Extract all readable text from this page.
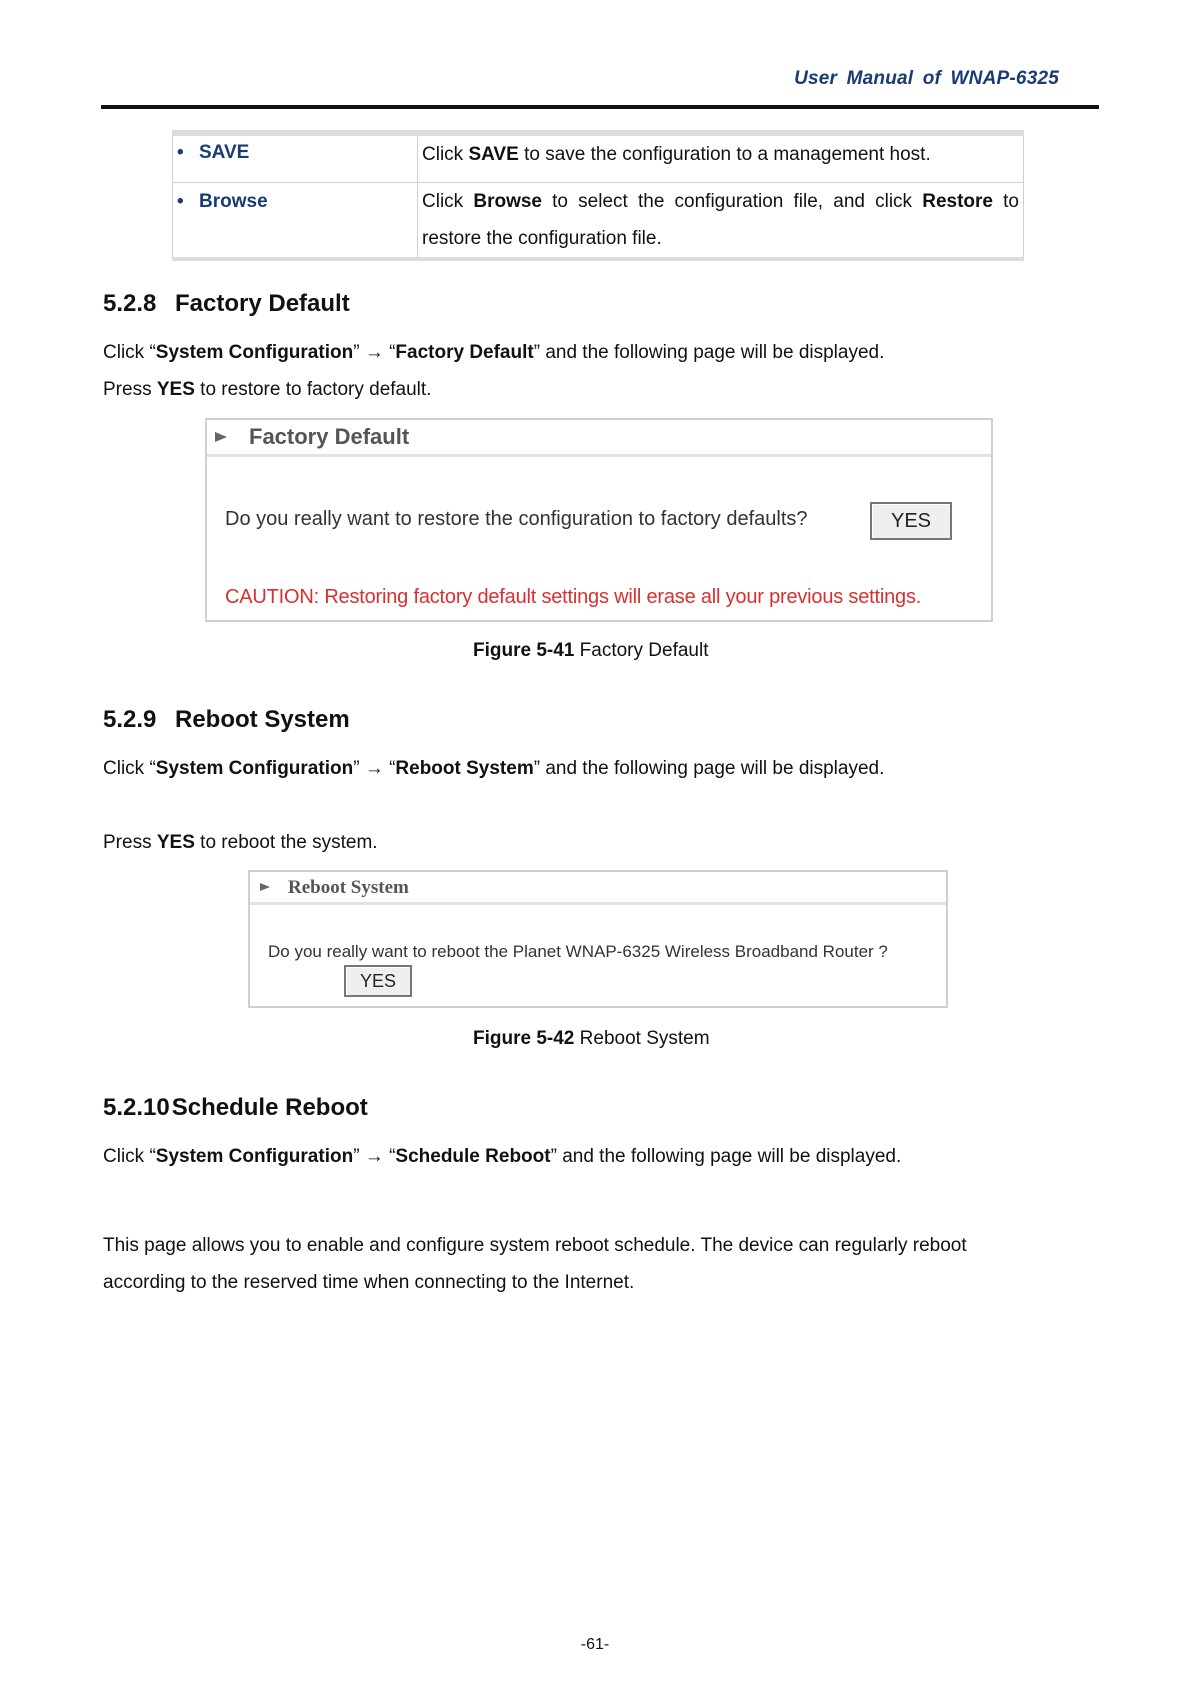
User Manual of WNAP-6325
• SAVE	Click SAVE to save the configuration to a management host.
• Browse	Click Browse to select the configuration file, and click Restore to restore the configuration file.
5.2.8 Factory Default
Click “System Configuration” → “Factory Default” and the following page will be displayed.
Press YES to restore to factory default.
Factory Default
Do you really want to restore the configuration to factory defaults?	YES
CAUTION: Restoring factory default settings will erase all your previous settings.
Figure 5-41 Factory Default
5.2.9 Reboot System
Click “System Configuration” → “Reboot System” and the following page will be displayed.
Press YES to reboot the system.
Reboot System
Do you really want to reboot the Planet WNAP-6325 Wireless Broadband Router ?
YES
Figure 5-42 Reboot System
5.2.10 Schedule Reboot
Click “System Configuration” → “Schedule Reboot” and the following page will be displayed.
This page allows you to enable and configure system reboot schedule. The device can regularly reboot
according to the reserved time when connecting to the Internet.
-61-
